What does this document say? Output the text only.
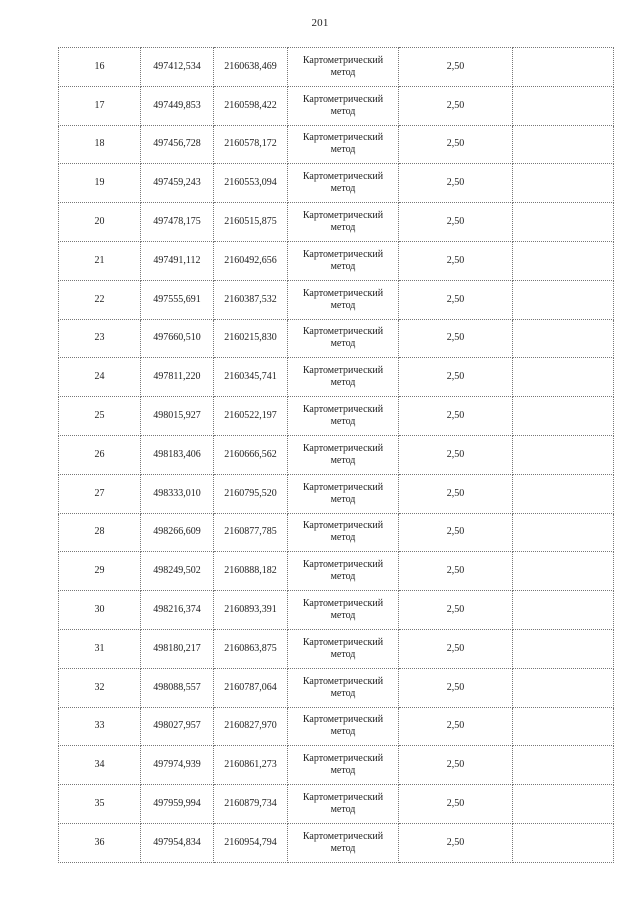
201
16	497412,534	2160638,469	Картометрический
метод	2,50	
17	497449,853	2160598,422	Картометрический
метод	2,50	
18	497456,728	2160578,172	Картометрический
метод	2,50	
19	497459,243	2160553,094	Картометрический
метод	2,50	
20	497478,175	2160515,875	Картометрический
метод	2,50	
21	497491,112	2160492,656	Картометрический
метод	2,50	
22	497555,691	2160387,532	Картометрический
метод	2,50	
23	497660,510	2160215,830	Картометрический
метод	2,50	
24	497811,220	2160345,741	Картометрический
метод	2,50	
25	498015,927	2160522,197	Картометрический
метод	2,50	
26	498183,406	2160666,562	Картометрический
метод	2,50	
27	498333,010	2160795,520	Картометрический
метод	2,50	
28	498266,609	2160877,785	Картометрический
метод	2,50	
29	498249,502	2160888,182	Картометрический
метод	2,50	
30	498216,374	2160893,391	Картометрический
метод	2,50	
31	498180,217	2160863,875	Картометрический
метод	2,50	
32	498088,557	2160787,064	Картометрический
метод	2,50	
33	498027,957	2160827,970	Картометрический
метод	2,50	
34	497974,939	2160861,273	Картометрический
метод	2,50	
35	497959,994	2160879,734	Картометрический
метод	2,50	
36	497954,834	2160954,794	Картометрический
метод	2,50	
